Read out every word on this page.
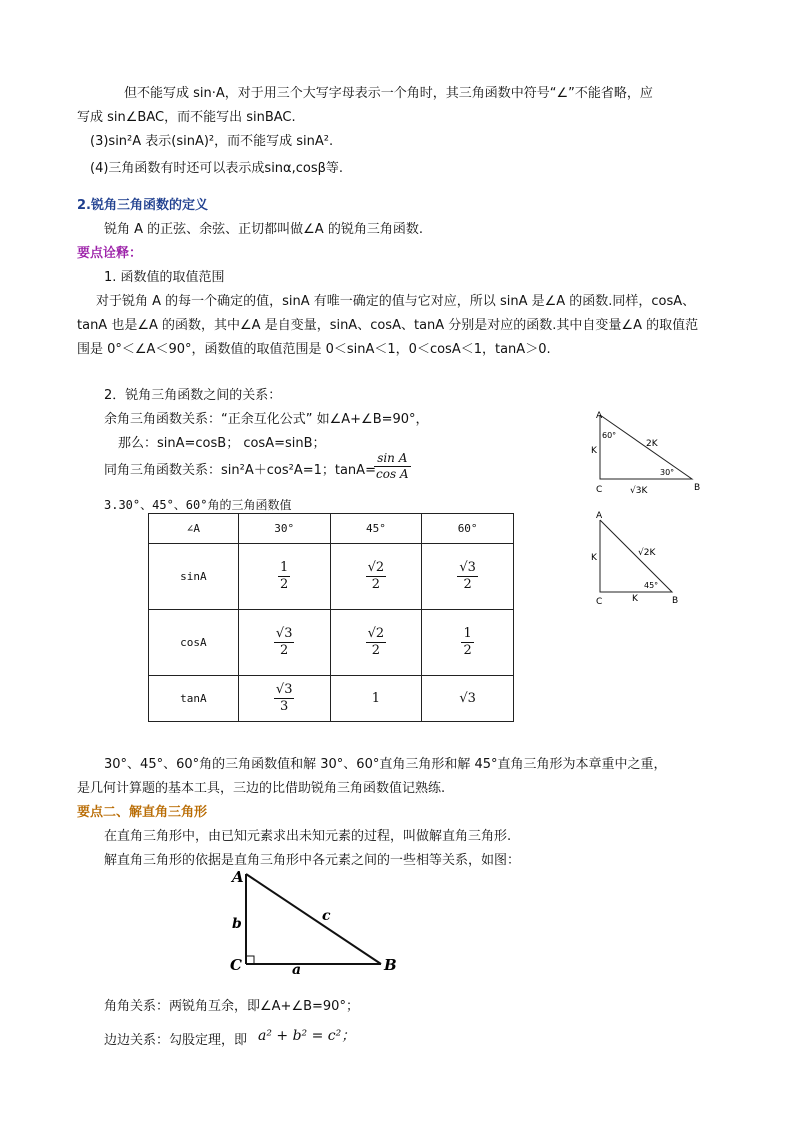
但不能写成 sin·A，对于用三个大写字母表示一个角时，其三角函数中符号“∠”不能省略，应
写成 sin∠BAC，而不能写出 sinBAC.
(3)sin²A 表示(sinA)²，而不能写成 sinA².
(4)三角函数有时还可以表示成sinα,cosβ等.
2.锐角三角函数的定义
锐角 A 的正弦、余弦、正切都叫做∠A 的锐角三角函数.
要点诠释：
1. 函数值的取值范围
对于锐角 A 的每一个确定的值，sinA 有唯一确定的值与它对应，所以 sinA 是∠A 的函数.同样，cosA、
tanA 也是∠A 的函数，其中∠A 是自变量，sinA、cosA、tanA 分别是对应的函数.其中自变量∠A 的取值范
围是 0°＜∠A＜90°，函数值的取值范围是 0＜sinA＜1，0＜cosA＜1，tanA＞0.
2．锐角三角函数之间的关系：
余角三角函数关系：“正余互化公式” 如∠A+∠B=90°，
那么：sinA=cosB； cosA=sinB；
同角三角函数关系：sin²A＋cos²A=1；tanA=
$\frac{\text{sin A}}{\text{cos A}}$
3.30°、45°、60°角的三角函数值
∠A	30°	45°	60°
sinA	$\frac{1}{2}$	$\frac{√2}{2}$	$\frac{√3}{2}$

cosA	$\frac{√3}{2}$	$\frac{√2}{2}$	$\frac{1}{2}$

tanA	$\frac{√3}{3}$	1	√3
A
60°
K
2K
30°
C	√3K	B
A
K	√2K
45°
C	K	B
30°、45°、60°角的三角函数值和解 30°、60°直角三角形和解 45°直角三角形为本章重中之重，
是几何计算题的基本工具，三边的比借助锐角三角函数值记熟练.
要点二、解直角三角形
在直角三角形中，由已知元素求出未知元素的过程，叫做解直角三角形.
解直角三角形的依据是直角三角形中各元素之间的一些相等关系，如图：
A
b	c
C	a	B
角角关系：两锐角互余，即∠A+∠B=90°；
边边关系：勾股定理，即 a² + b² = c²；
